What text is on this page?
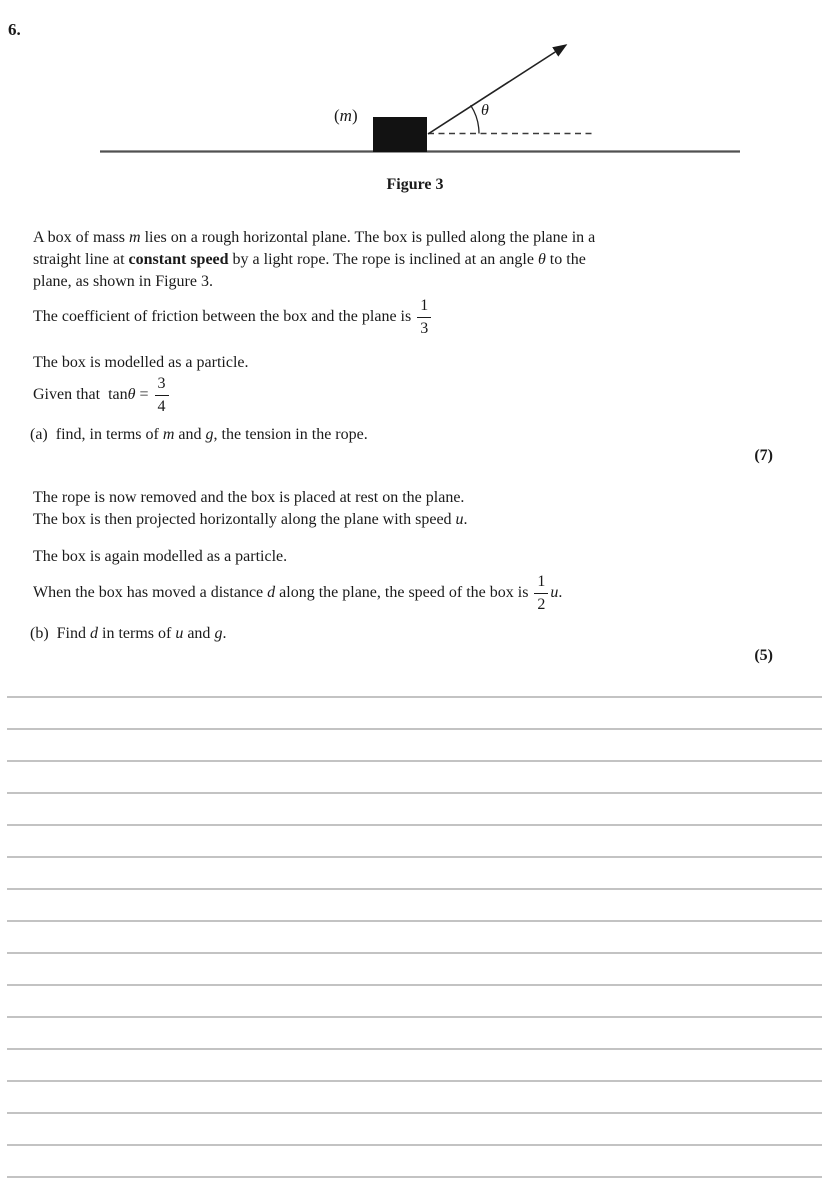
6.
(m)	θ
Figure 3
A box of mass m lies on a rough horizontal plane. The box is pulled along the plane in a
straight line at constant speed by a light rope. The rope is inclined at an angle θ to the
plane, as shown in Figure 3.
The coefficient of friction between the box and the plane is $\frac{1}{3}$
The box is modelled as a particle.
Given that  $\tan\theta = \frac{3}{4}$
(a)  find, in terms of m and g, the tension in the rope.
(7)
The rope is now removed and the box is placed at rest on the plane.
The box is then projected horizontally along the plane with speed u.
The box is again modelled as a particle.
When the box has moved a distance d along the plane, the speed of the box is $\frac{1}{2} u$.
(b)  Find d in terms of u and g.
(5)
